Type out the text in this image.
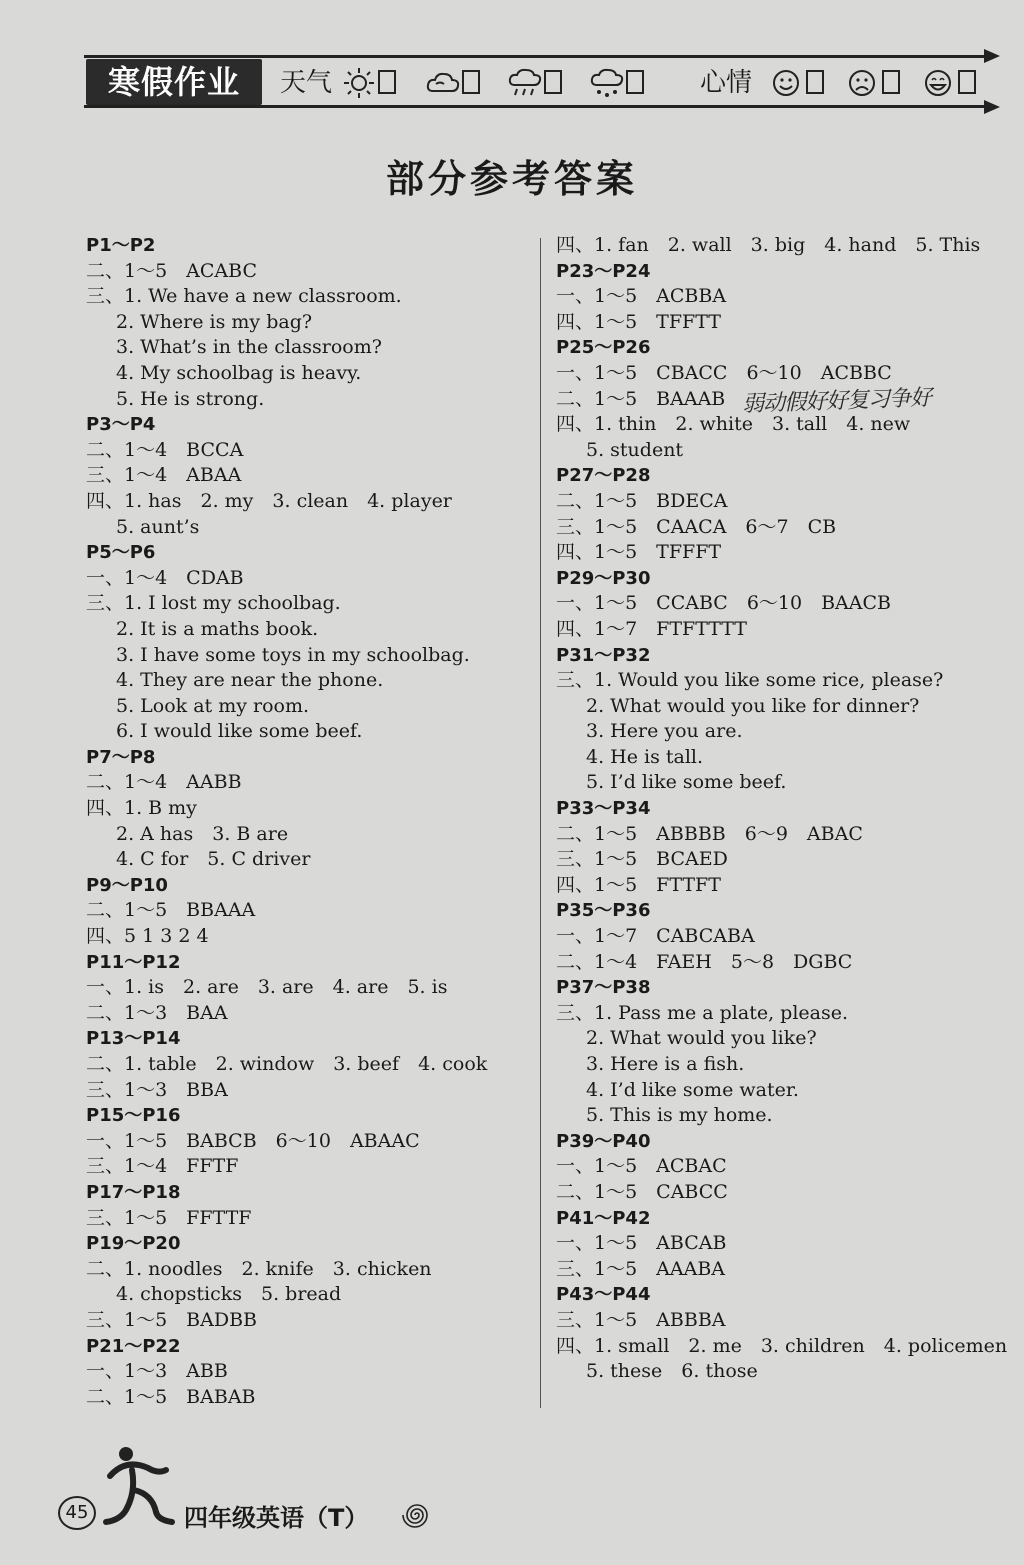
寒假作业	天气	心情
部分参考答案
P1～P2
二、1～5　ACABC
三、1. We have a new classroom.
2. Where is my bag?
3. What’s in the classroom?
4. My schoolbag is heavy.
5. He is strong.
P3～P4
二、1～4　BCCA
三、1～4　ABAA
四、1. has　2. my　3. clean　4. player
5. aunt’s
P5～P6
一、1～4　CDAB
三、1. I lost my schoolbag.
2. It is a maths book.
3. I have some toys in my schoolbag.
4. They are near the phone.
5. Look at my room.
6. I would like some beef.
P7～P8
二、1～4　AABB
四、1. B my
2. A has　3. B are
4. C for　5. C driver
P9～P10
二、1～5　BBAAA
四、5 1 3 2 4
P11～P12
一、1. is　2. are　3. are　4. are　5. is
二、1～3　BAA
P13～P14
二、1. table　2. window　3. beef　4. cook
三、1～3　BBA
P15～P16
一、1～5　BABCB　6～10　ABAAC
三、1～4　FFTF
P17～P18
三、1～5　FFTTF
P19～P20
二、1. noodles　2. knife　3. chicken
4. chopsticks　5. bread
三、1～5　BADBB
P21～P22
一、1～3　ABB
二、1～5　BABAB
四、1. fan　2. wall　3. big　4. hand　5. This
P23～P24
一、1～5　ACBBA
四、1～5　TFFTT
P25～P26
一、1～5　CBACC　6～10　ACBBC
二、1～5　BAAAB
四、1. thin　2. white　3. tall　4. new
5. student
P27～P28
二、1～5　BDECA
三、1～5　CAACA　6～7　CB
四、1～5　TFFFT
P29～P30
一、1～5　CCABC　6～10　BAACB
四、1～7　FTFTTTT
P31～P32
三、1. Would you like some rice, please?
2. What would you like for dinner?
3. Here you are.
4. He is tall.
5. I’d like some beef.
P33～P34
二、1～5　ABBBB　6～9　ABAC
三、1～5　BCAED
四、1～5　FTTFT
P35～P36
一、1～7　CABCABA
二、1～4　FAEH　5～8　DGBC
P37～P38
三、1. Pass me a plate, please.
2. What would you like?
3. Here is a fish.
4. I’d like some water.
5. This is my home.
P39～P40
一、1～5　ACBAC
二、1～5　CABCC
P41～P42
一、1～5　ABCAB
三、1～5　AAABA
P43～P44
三、1～5　ABBBA
四、1. small　2. me　3. children　4. policemen
5. these　6. those
弱动假好好复习争好
45	四年级英语（T）
